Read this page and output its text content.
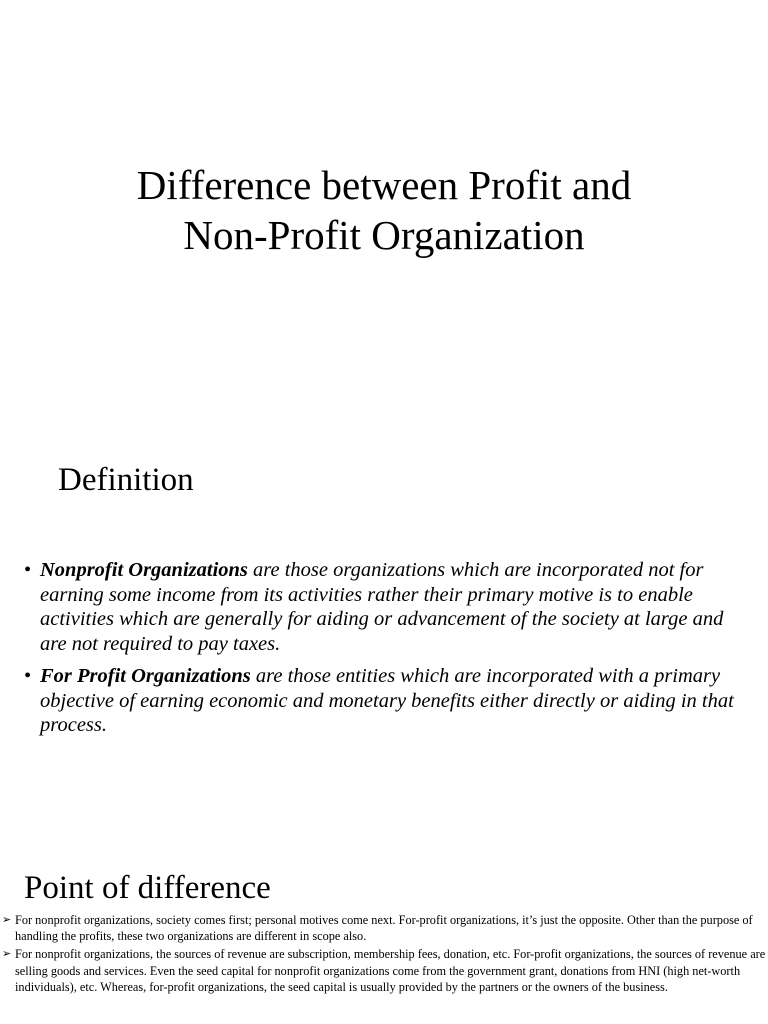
Difference between Profit and
Non-Profit Organization
Definition
• Nonprofit Organizations are those organizations which are incorporated not for earning some income from its activities rather their primary motive is to enable activities which are generally for aiding or advancement of the society at large and are not required to pay taxes.
• For Profit Organizations are those entities which are incorporated with a primary objective of earning economic and monetary benefits either directly or aiding in that process.
Point of difference
➢ For nonprofit organizations, society comes first; personal motives come next. For-profit organizations, it’s just the opposite. Other than the purpose of handling the profits, these two organizations are different in scope also.
➢ For nonprofit organizations, the sources of revenue are subscription, membership fees, donation, etc. For-profit organizations, the sources of revenue are selling goods and services. Even the seed capital for nonprofit organizations come from the government grant, donations from HNI (high net-worth individuals), etc. Whereas, for-profit organizations, the seed capital is usually provided by the partners or the owners of the business.
